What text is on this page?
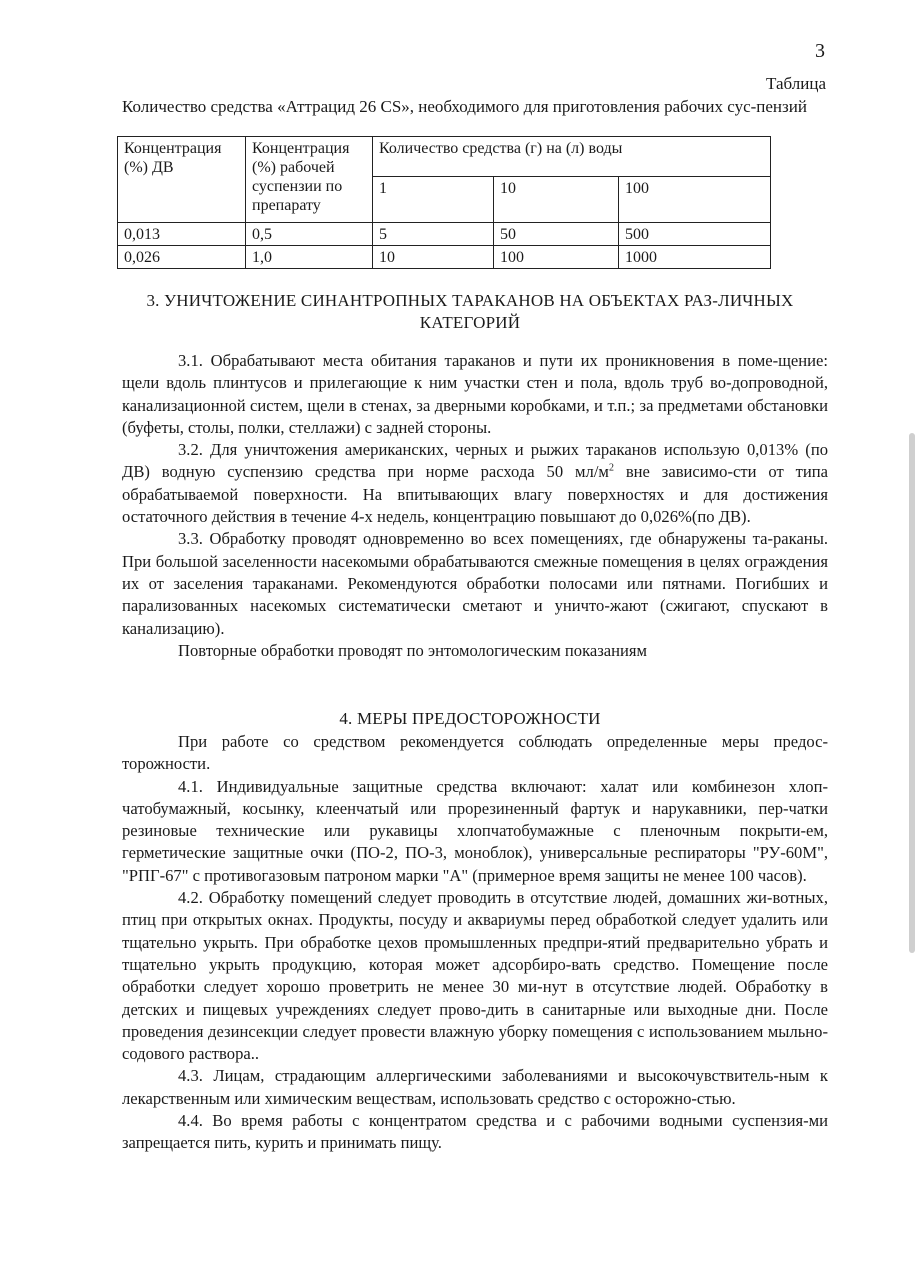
3
Таблица
Количество средства «Аттрацид 26 CS», необходимого для приготовления рабочих сус-пензий
Концентрация (%) ДВ	Концентрация (%) рабочей суспензии по препарату	Количество средства (г) на (л) воды		
		1	10	100
0,013	0,5	5	50	500
0,026	1,0	10	100	1000
3. УНИЧТОЖЕНИЕ СИНАНТРОПНЫХ ТАРАКАНОВ НА ОБЪЕКТАХ РАЗ-ЛИЧНЫХ КАТЕГОРИЙ

3.1. Обрабатывают места обитания тараканов и пути их проникновения в поме-щение: щели вдоль плинтусов и прилегающие к ним участки стен и пола, вдоль труб во-допроводной, канализационной систем, щели в стенах, за дверными коробками, и т.п.; за предметами обстановки (буфеты, столы, полки, стеллажи) с задней стороны.

3.2. Для уничтожения американских, черных и рыжих тараканов использую 0,013% (по ДВ) водную суспензию средства при норме расхода 50 $мл/м^2$ вне зависимо-сти от типа обрабатываемой поверхности. На впитывающих влагу поверхностях и для достижения остаточного действия в течение 4-х недель, концентрацию повышают до 0,026%(по ДВ).

3.3. Обработку проводят одновременно во всех помещениях, где обнаружены та-раканы. При большой заселенности насекомыми обрабатываются смежные помещения в целях ограждения их от заселения тараканами. Рекомендуются обработки полосами или пятнами. Погибших и парализованных насекомых систематически сметают и уничто-жают (сжигают, спускают в канализацию).

Повторные обработки проводят по энтомологическим показаниям

4. МЕРЫ ПРЕДОСТОРОЖНОСТИ

При работе со средством рекомендуется соблюдать определенные меры предос-торожности.

4.1. Индивидуальные защитные средства включают: халат или комбинезон хлоп-чатобумажный, косынку, клеенчатый или прорезиненный фартук и нарукавники, пер-чатки резиновые технические или рукавицы хлопчатобумажные с пленочным покрыти-ем, герметические защитные очки (ПО-2, ПО-3, моноблок), универсальные респираторы "РУ-60М", "РПГ-67" с противогазовым патроном марки "А" (примерное время защиты не менее 100 часов).

4.2. Обработку помещений следует проводить в отсутствие людей, домашних жи-вотных, птиц при открытых окнах. Продукты, посуду и аквариумы перед обработкой следует удалить или тщательно укрыть. При обработке цехов промышленных предпри-ятий предварительно убрать и тщательно укрыть продукцию, которая может адсорбиро-вать средство. Помещение после обработки следует хорошо проветрить не менее 30 ми-нут в отсутствие людей. Обработку в детских и пищевых учреждениях следует прово-дить в санитарные или выходные дни. После проведения дезинсекции следует провести влажную уборку помещения с использованием мыльно-содового раствора..

4.3. Лицам, страдающим аллергическими заболеваниями и высокочувствитель-ным к лекарственным или химическим веществам, использовать средство с осторожно-стью.

4.4. Во время работы с концентратом средства и с рабочими водными суспензия-ми запрещается пить, курить и принимать пищу.
